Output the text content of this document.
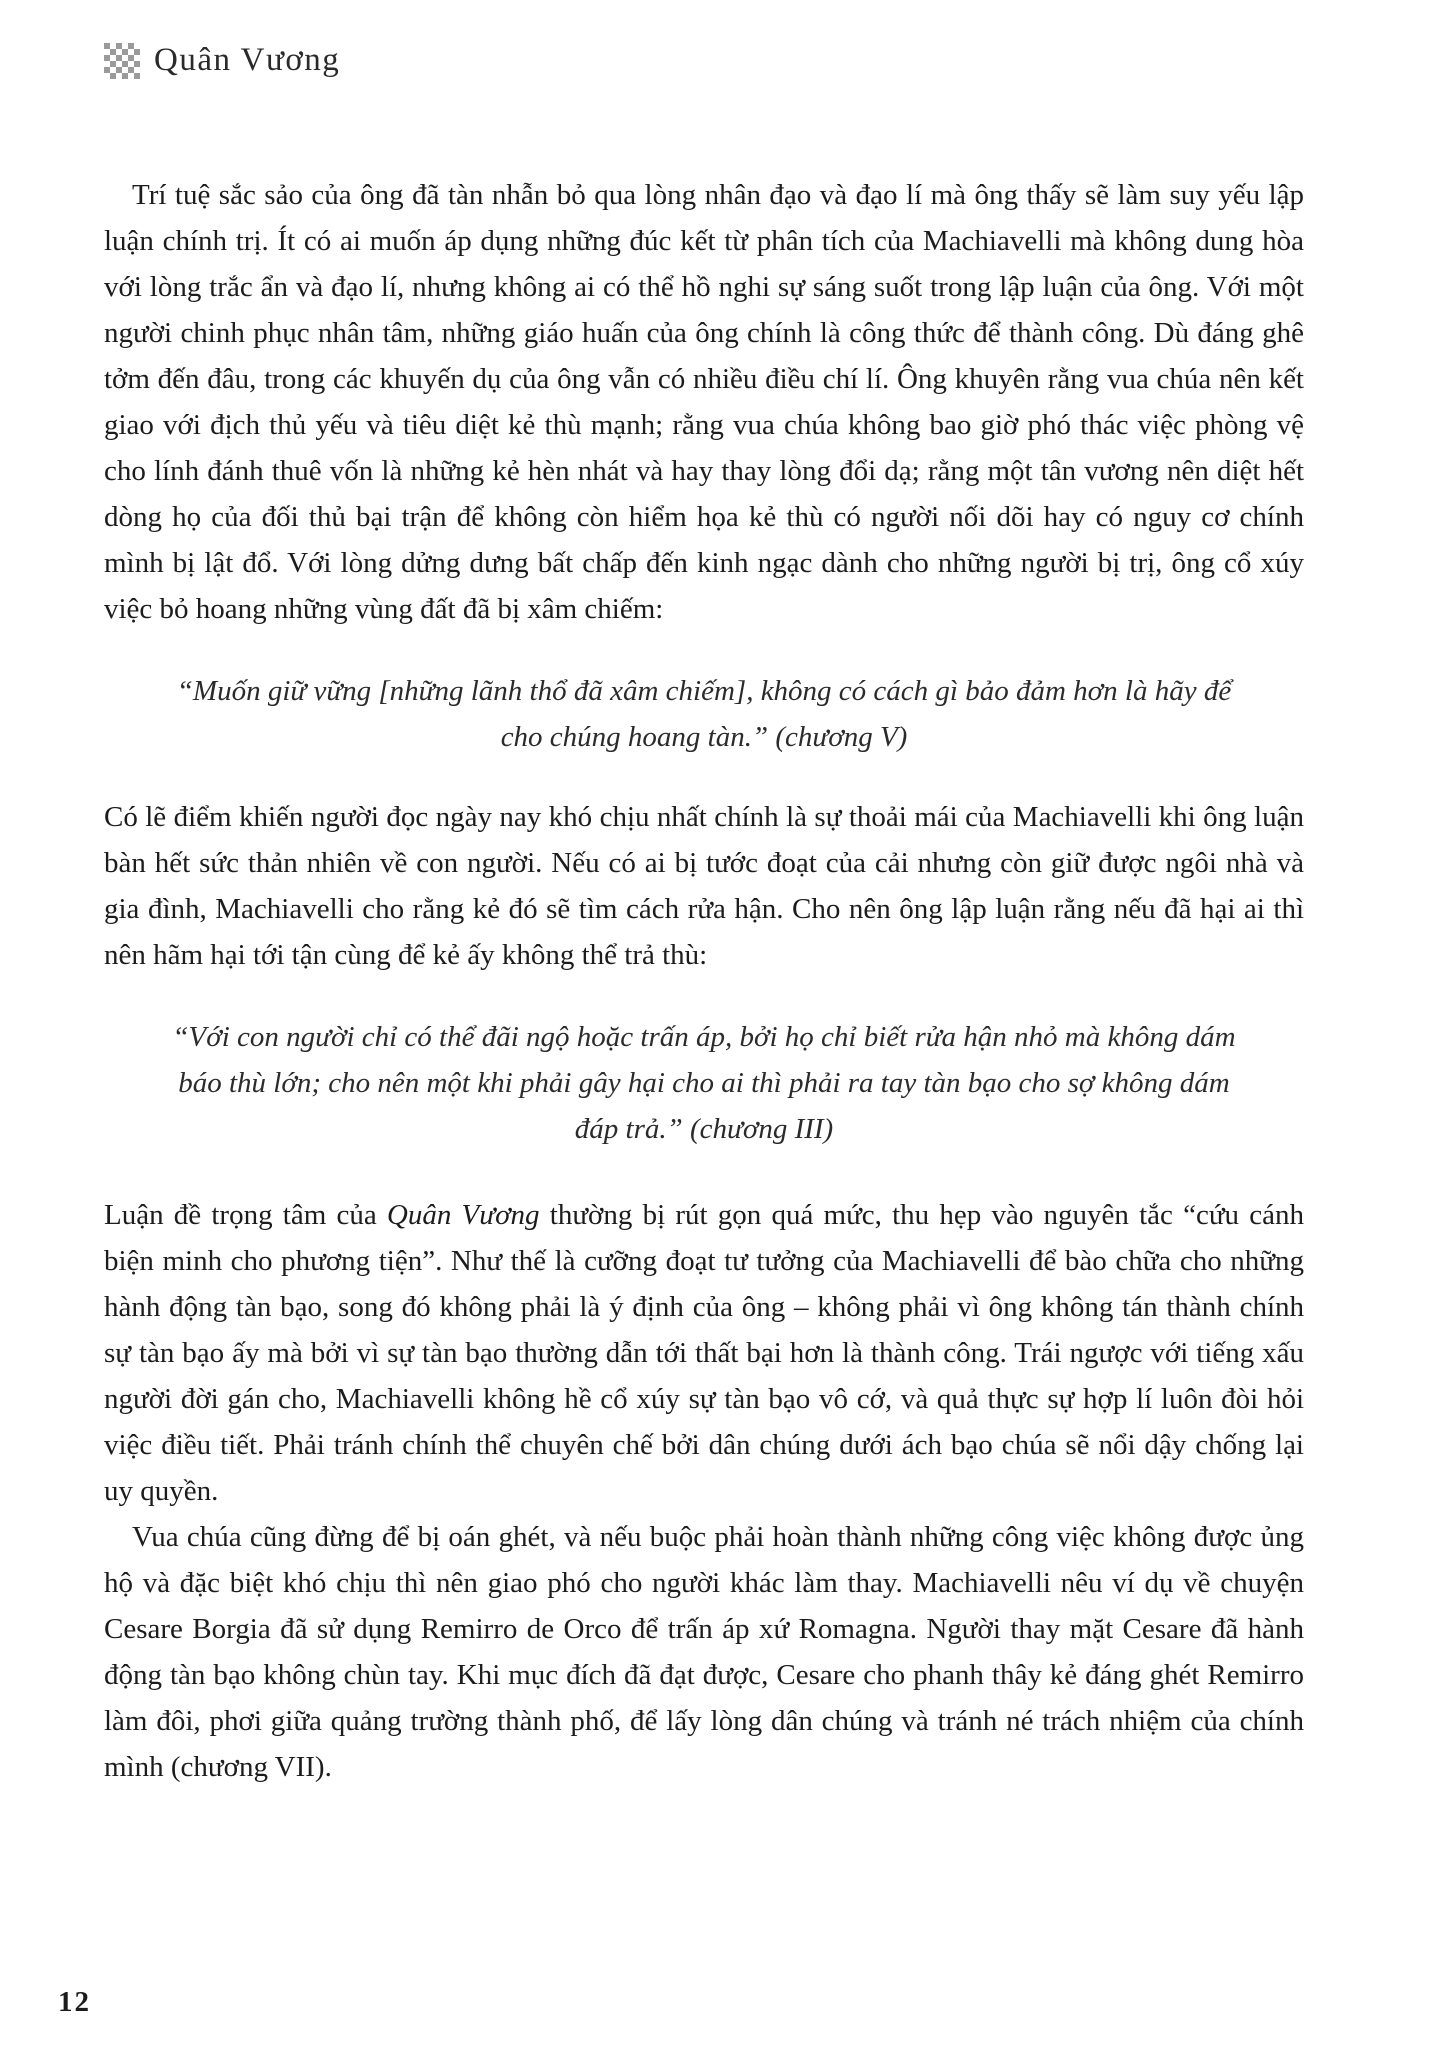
Quân Vương

Trí tuệ sắc sảo của ông đã tàn nhẫn bỏ qua lòng nhân đạo và đạo lí mà ông thấy sẽ làm suy yếu lập luận chính trị. Ít có ai muốn áp dụng những đúc kết từ phân tích của Machiavelli mà không dung hòa với lòng trắc ẩn và đạo lí, nhưng không ai có thể hồ nghi sự sáng suốt trong lập luận của ông. Với một người chinh phục nhân tâm, những giáo huấn của ông chính là công thức để thành công. Dù đáng ghê tởm đến đâu, trong các khuyến dụ của ông vẫn có nhiều điều chí lí. Ông khuyên rằng vua chúa nên kết giao với địch thủ yếu và tiêu diệt kẻ thù mạnh; rằng vua chúa không bao giờ phó thác việc phòng vệ cho lính đánh thuê vốn là những kẻ hèn nhát và hay thay lòng đổi dạ; rằng một tân vương nên diệt hết dòng họ của đối thủ bại trận để không còn hiểm họa kẻ thù có người nối dõi hay có nguy cơ chính mình bị lật đổ. Với lòng dửng dưng bất chấp đến kinh ngạc dành cho những người bị trị, ông cổ xúy việc bỏ hoang những vùng đất đã bị xâm chiếm:

“Muốn giữ vững [những lãnh thổ đã xâm chiếm], không có cách gì bảo đảm hơn là hãy để cho chúng hoang tàn.” (chương V)

Có lẽ điểm khiến người đọc ngày nay khó chịu nhất chính là sự thoải mái của Machiavelli khi ông luận bàn hết sức thản nhiên về con người. Nếu có ai bị tước đoạt của cải nhưng còn giữ được ngôi nhà và gia đình, Machiavelli cho rằng kẻ đó sẽ tìm cách rửa hận. Cho nên ông lập luận rằng nếu đã hại ai thì nên hãm hại tới tận cùng để kẻ ấy không thể trả thù:

“Với con người chỉ có thể đãi ngộ hoặc trấn áp, bởi họ chỉ biết rửa hận nhỏ mà không dám báo thù lớn; cho nên một khi phải gây hại cho ai thì phải ra tay tàn bạo cho sợ không dám đáp trả.” (chương III)

Luận đề trọng tâm của Quân Vương thường bị rút gọn quá mức, thu hẹp vào nguyên tắc “cứu cánh biện minh cho phương tiện”. Như thế là cưỡng đoạt tư tưởng của Machiavelli để bào chữa cho những hành động tàn bạo, song đó không phải là ý định của ông – không phải vì ông không tán thành chính sự tàn bạo ấy mà bởi vì sự tàn bạo thường dẫn tới thất bại hơn là thành công. Trái ngược với tiếng xấu người đời gán cho, Machiavelli không hề cổ xúy sự tàn bạo vô cớ, và quả thực sự hợp lí luôn đòi hỏi việc điều tiết. Phải tránh chính thể chuyên chế bởi dân chúng dưới ách bạo chúa sẽ nổi dậy chống lại uy quyền.

Vua chúa cũng đừng để bị oán ghét, và nếu buộc phải hoàn thành những công việc không được ủng hộ và đặc biệt khó chịu thì nên giao phó cho người khác làm thay. Machiavelli nêu ví dụ về chuyện Cesare Borgia đã sử dụng Remirro de Orco để trấn áp xứ Romagna. Người thay mặt Cesare đã hành động tàn bạo không chùn tay. Khi mục đích đã đạt được, Cesare cho phanh thây kẻ đáng ghét Remirro làm đôi, phơi giữa quảng trường thành phố, để lấy lòng dân chúng và tránh né trách nhiệm của chính mình (chương VII).

12
